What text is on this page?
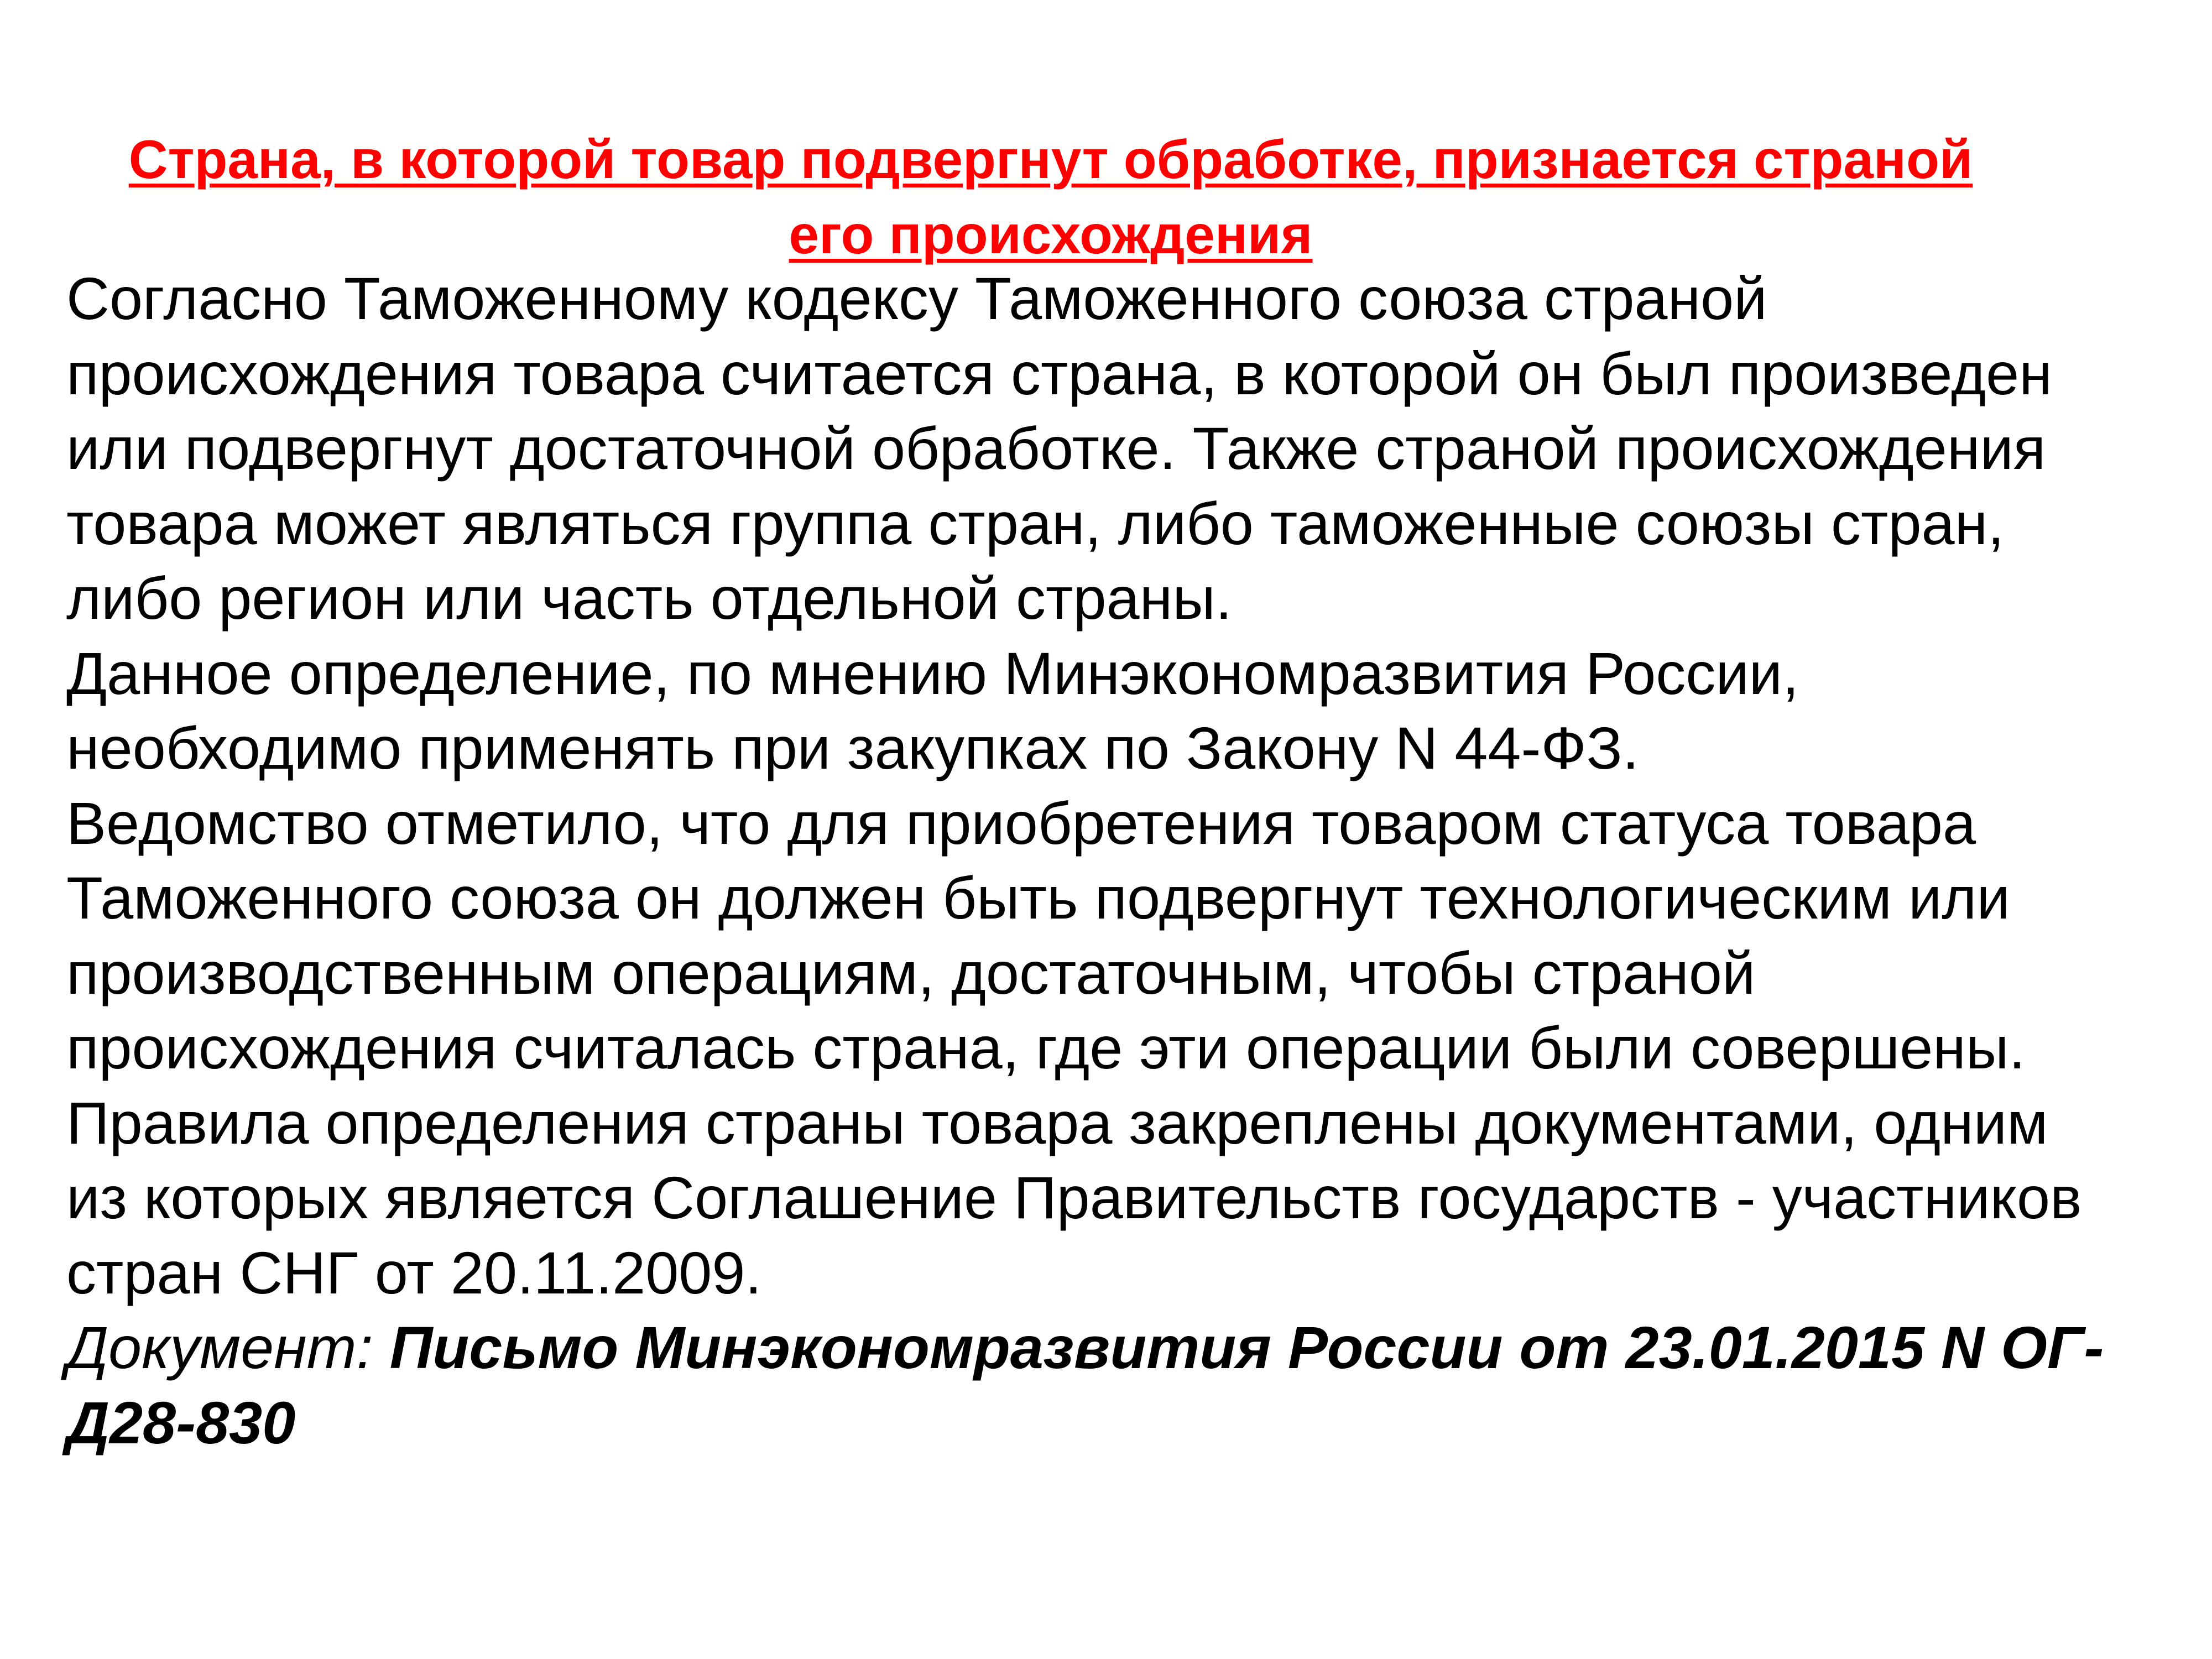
Страна, в которой товар подвергнут обработке, признается страной его происхождения

Согласно Таможенному кодексу Таможенного союза страной происхождения товара считается страна, в которой он был произведен или подвергнут достаточной обработке. Также страной происхождения товара может являться группа стран, либо таможенные союзы стран, либо регион или часть отдельной страны.

Данное определение, по мнению Минэкономразвития России, необходимо применять при закупках по Закону N 44-ФЗ.

Ведомство отметило, что для приобретения товаром статуса товара Таможенного союза он должен быть подвергнут технологическим или производственным операциям, достаточным, чтобы страной происхождения считалась страна, где эти операции были совершены.

Правила определения страны товара закреплены документами, одним из которых является Соглашение Правительств государств - участников стран СНГ от 20.11.2009.

Документ: Письмо Минэкономразвития России от 23.01.2015 N ОГ-Д28-830
